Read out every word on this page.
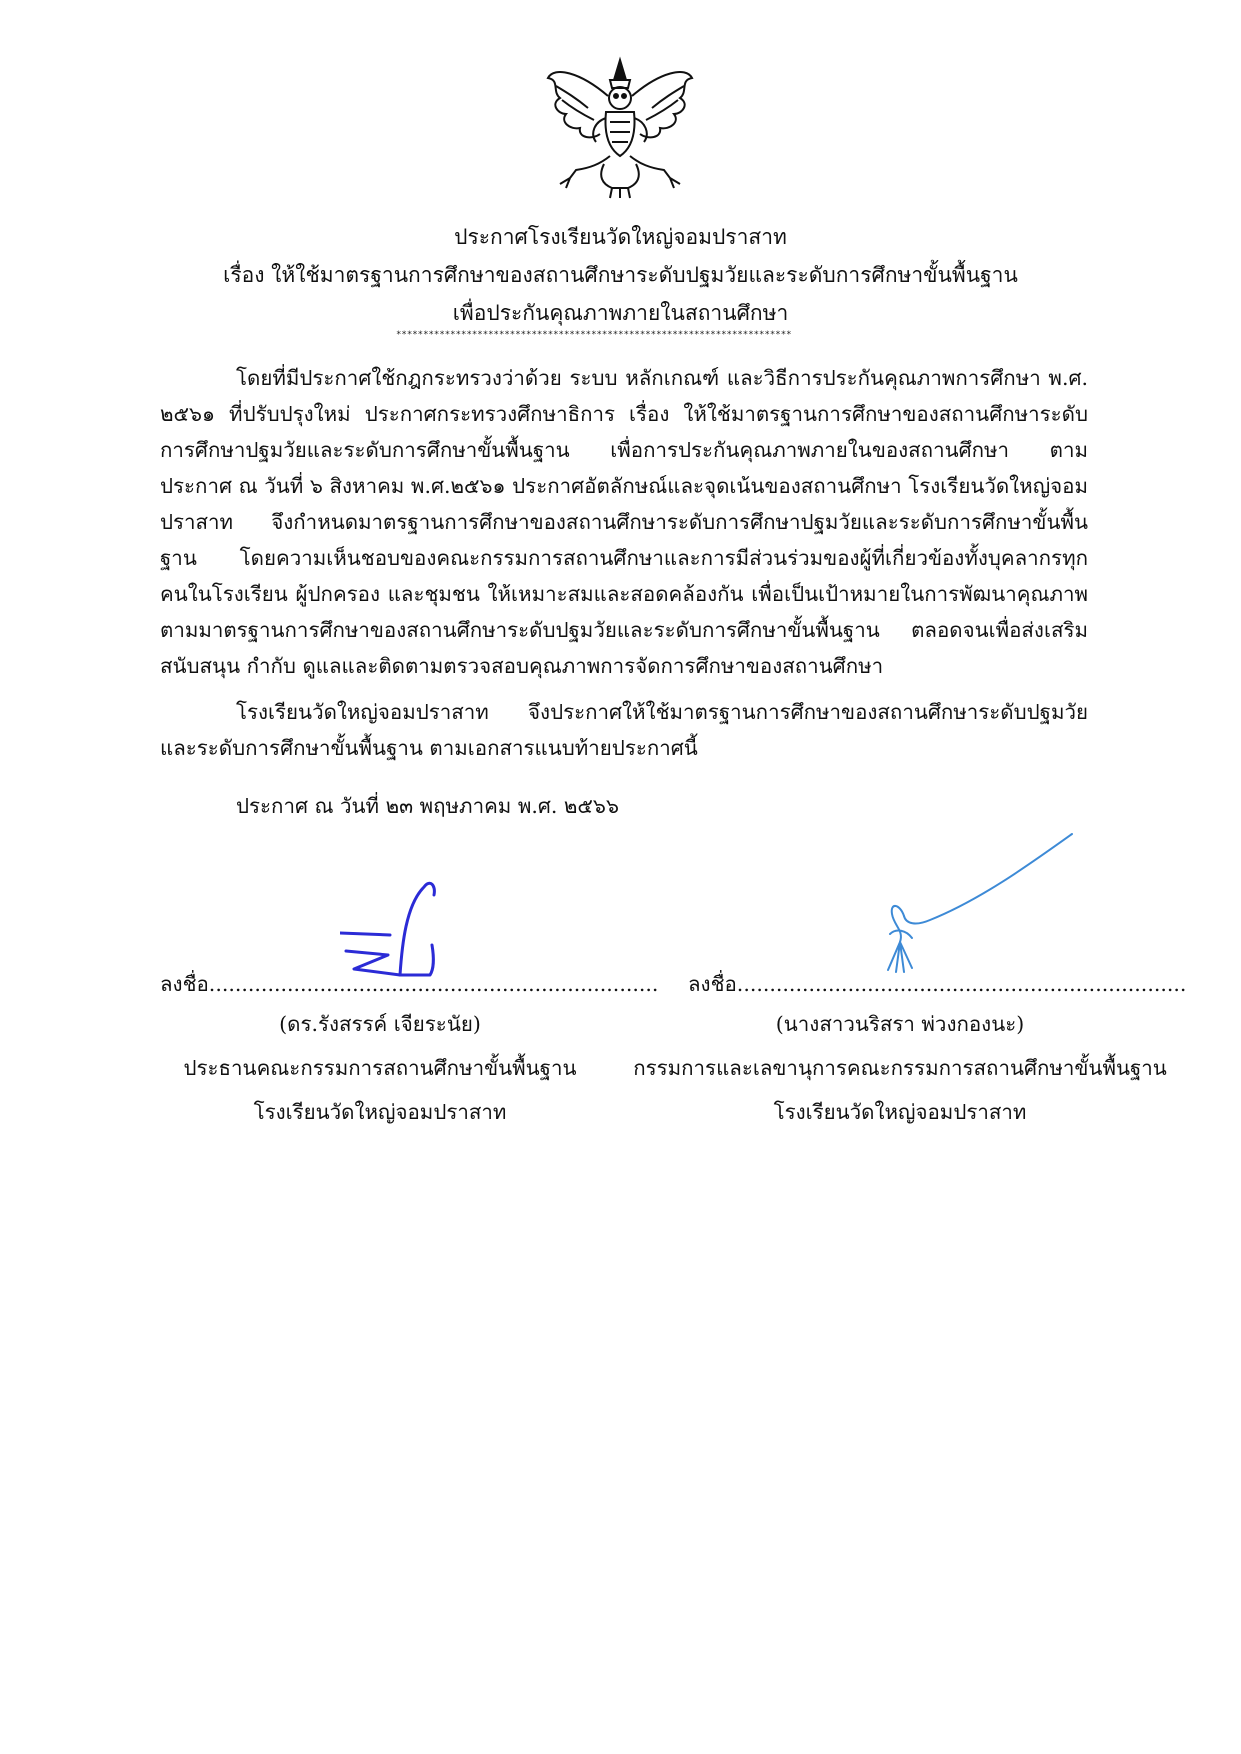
ประกาศโรงเรียนวัดใหญ่จอมปราสาท
เรื่อง ให้ใช้มาตรฐานการศึกษาของสถานศึกษาระดับปฐมวัยและระดับการศึกษาขั้นพื้นฐาน
เพื่อประกันคุณภาพภายในสถานศึกษา
*************************************************************************

โดยที่มีประกาศใช้กฎกระทรวงว่าด้วย ระบบ หลักเกณฑ์ และวิธีการประกันคุณภาพการศึกษา พ.ศ. ๒๕๖๑ ที่ปรับปรุงใหม่ ประกาศกระทรวงศึกษาธิการ เรื่อง ให้ใช้มาตรฐานการศึกษาของสถานศึกษาระดับการศึกษาปฐมวัยและระดับการศึกษาขั้นพื้นฐาน เพื่อการประกันคุณภาพภายในของสถานศึกษา ตามประกาศ ณ วันที่ ๖ สิงหาคม พ.ศ.๒๕๖๑ ประกาศอัตลักษณ์และจุดเน้นของสถานศึกษา โรงเรียนวัดใหญ่จอมปราสาท จึงกำหนดมาตรฐานการศึกษาของสถานศึกษาระดับการศึกษาปฐมวัยและระดับการศึกษาขั้นพื้นฐาน โดยความเห็นชอบของคณะกรรมการสถานศึกษาและการมีส่วนร่วมของผู้ที่เกี่ยวข้องทั้งบุคลากรทุกคนในโรงเรียน ผู้ปกครอง และชุมชน ให้เหมาะสมและสอดคล้องกัน เพื่อเป็นเป้าหมายในการพัฒนาคุณภาพตามมาตรฐานการศึกษาของสถานศึกษาระดับปฐมวัยและระดับการศึกษาขั้นพื้นฐาน ตลอดจนเพื่อส่งเสริม สนับสนุน กำกับ ดูแลและติดตามตรวจสอบคุณภาพการจัดการศึกษาของสถานศึกษา

โรงเรียนวัดใหญ่จอมปราสาท จึงประกาศให้ใช้มาตรฐานการศึกษาของสถานศึกษาระดับปฐมวัยและระดับการศึกษาขั้นพื้นฐาน ตามเอกสารแนบท้ายประกาศนี้

ประกาศ ณ วันที่ ๒๓ พฤษภาคม พ.ศ. ๒๕๖๖
ลงชื่อ..................................................................... ลงชื่อ.....................................................................
(ดร.รังสรรค์ เจียระนัย)
ประธานคณะกรรมการสถานศึกษาขั้นพื้นฐาน
โรงเรียนวัดใหญ่จอมปราสาท
(นางสาวนริสรา พ่วงกองนะ)
กรรมการและเลขานุการคณะกรรมการสถานศึกษาขั้นพื้นฐาน
โรงเรียนวัดใหญ่จอมปราสาท
